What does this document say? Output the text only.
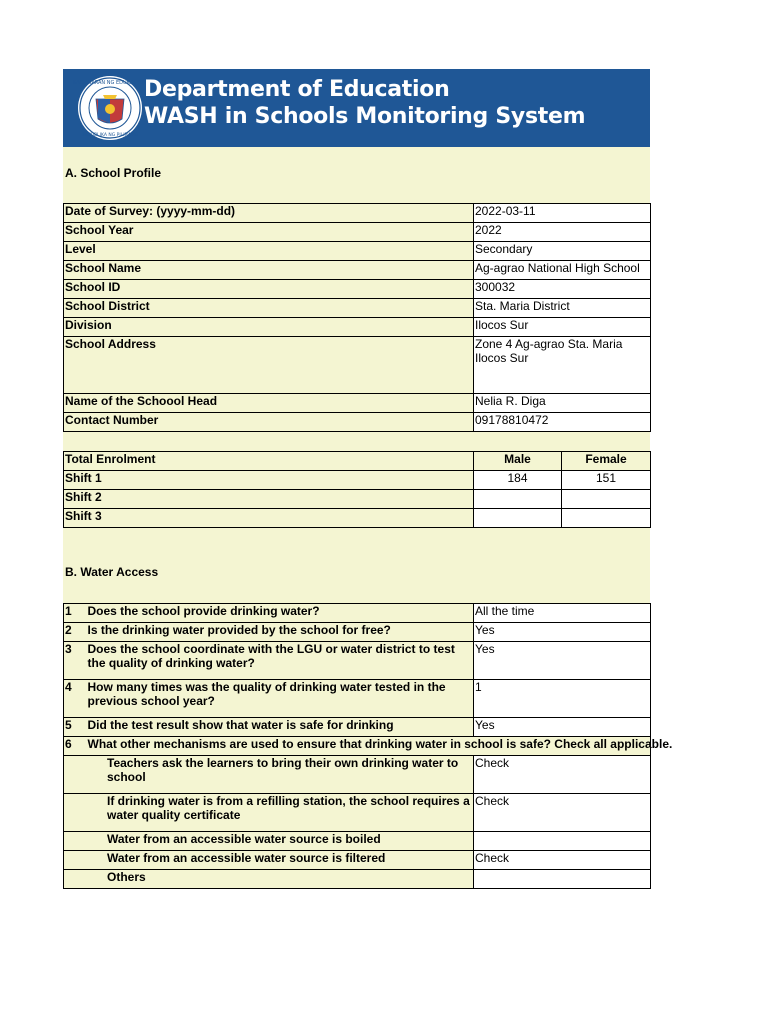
KAGAWARAN NG EDUKASYON
REPUBLIKA NG PILIPINAS
Department of Education
WASH in Schools Monitoring System
A. School Profile
Date of Survey: (yyyy-mm-dd)	2022-03-11
School Year	2022
Level	Secondary
School Name	Ag-agrao National High School
School ID	300032
School District	Sta. Maria District
Division	Ilocos Sur
School Address	Zone 4 Ag-agrao Sta. Maria Ilocos Sur
Name of the Schoool Head	Nelia R. Diga
Contact Number	09178810472
Total Enrolment	Male	Female
Shift 1	184	151
Shift 2		
Shift 3		
B. Water Access
1	Does the school provide drinking water?	All the time
2	Is the drinking water provided by the school for free?	Yes
3	Does the school coordinate with the LGU or water district to test the quality of drinking water?	Yes
4	How many times was the quality of drinking water tested in the previous school year?	1
5	Did the test result show that water is safe for drinking	Yes
6	What other mechanisms are used to ensure that drinking water in school is safe? Check all applicable.	
Teachers ask the learners to bring their own drinking water to school		Check
If drinking water is from a refilling station, the school requires a water quality certificate		Check
Water from an accessible water source is boiled		
Water from an accessible water source is filtered		Check
Others		
